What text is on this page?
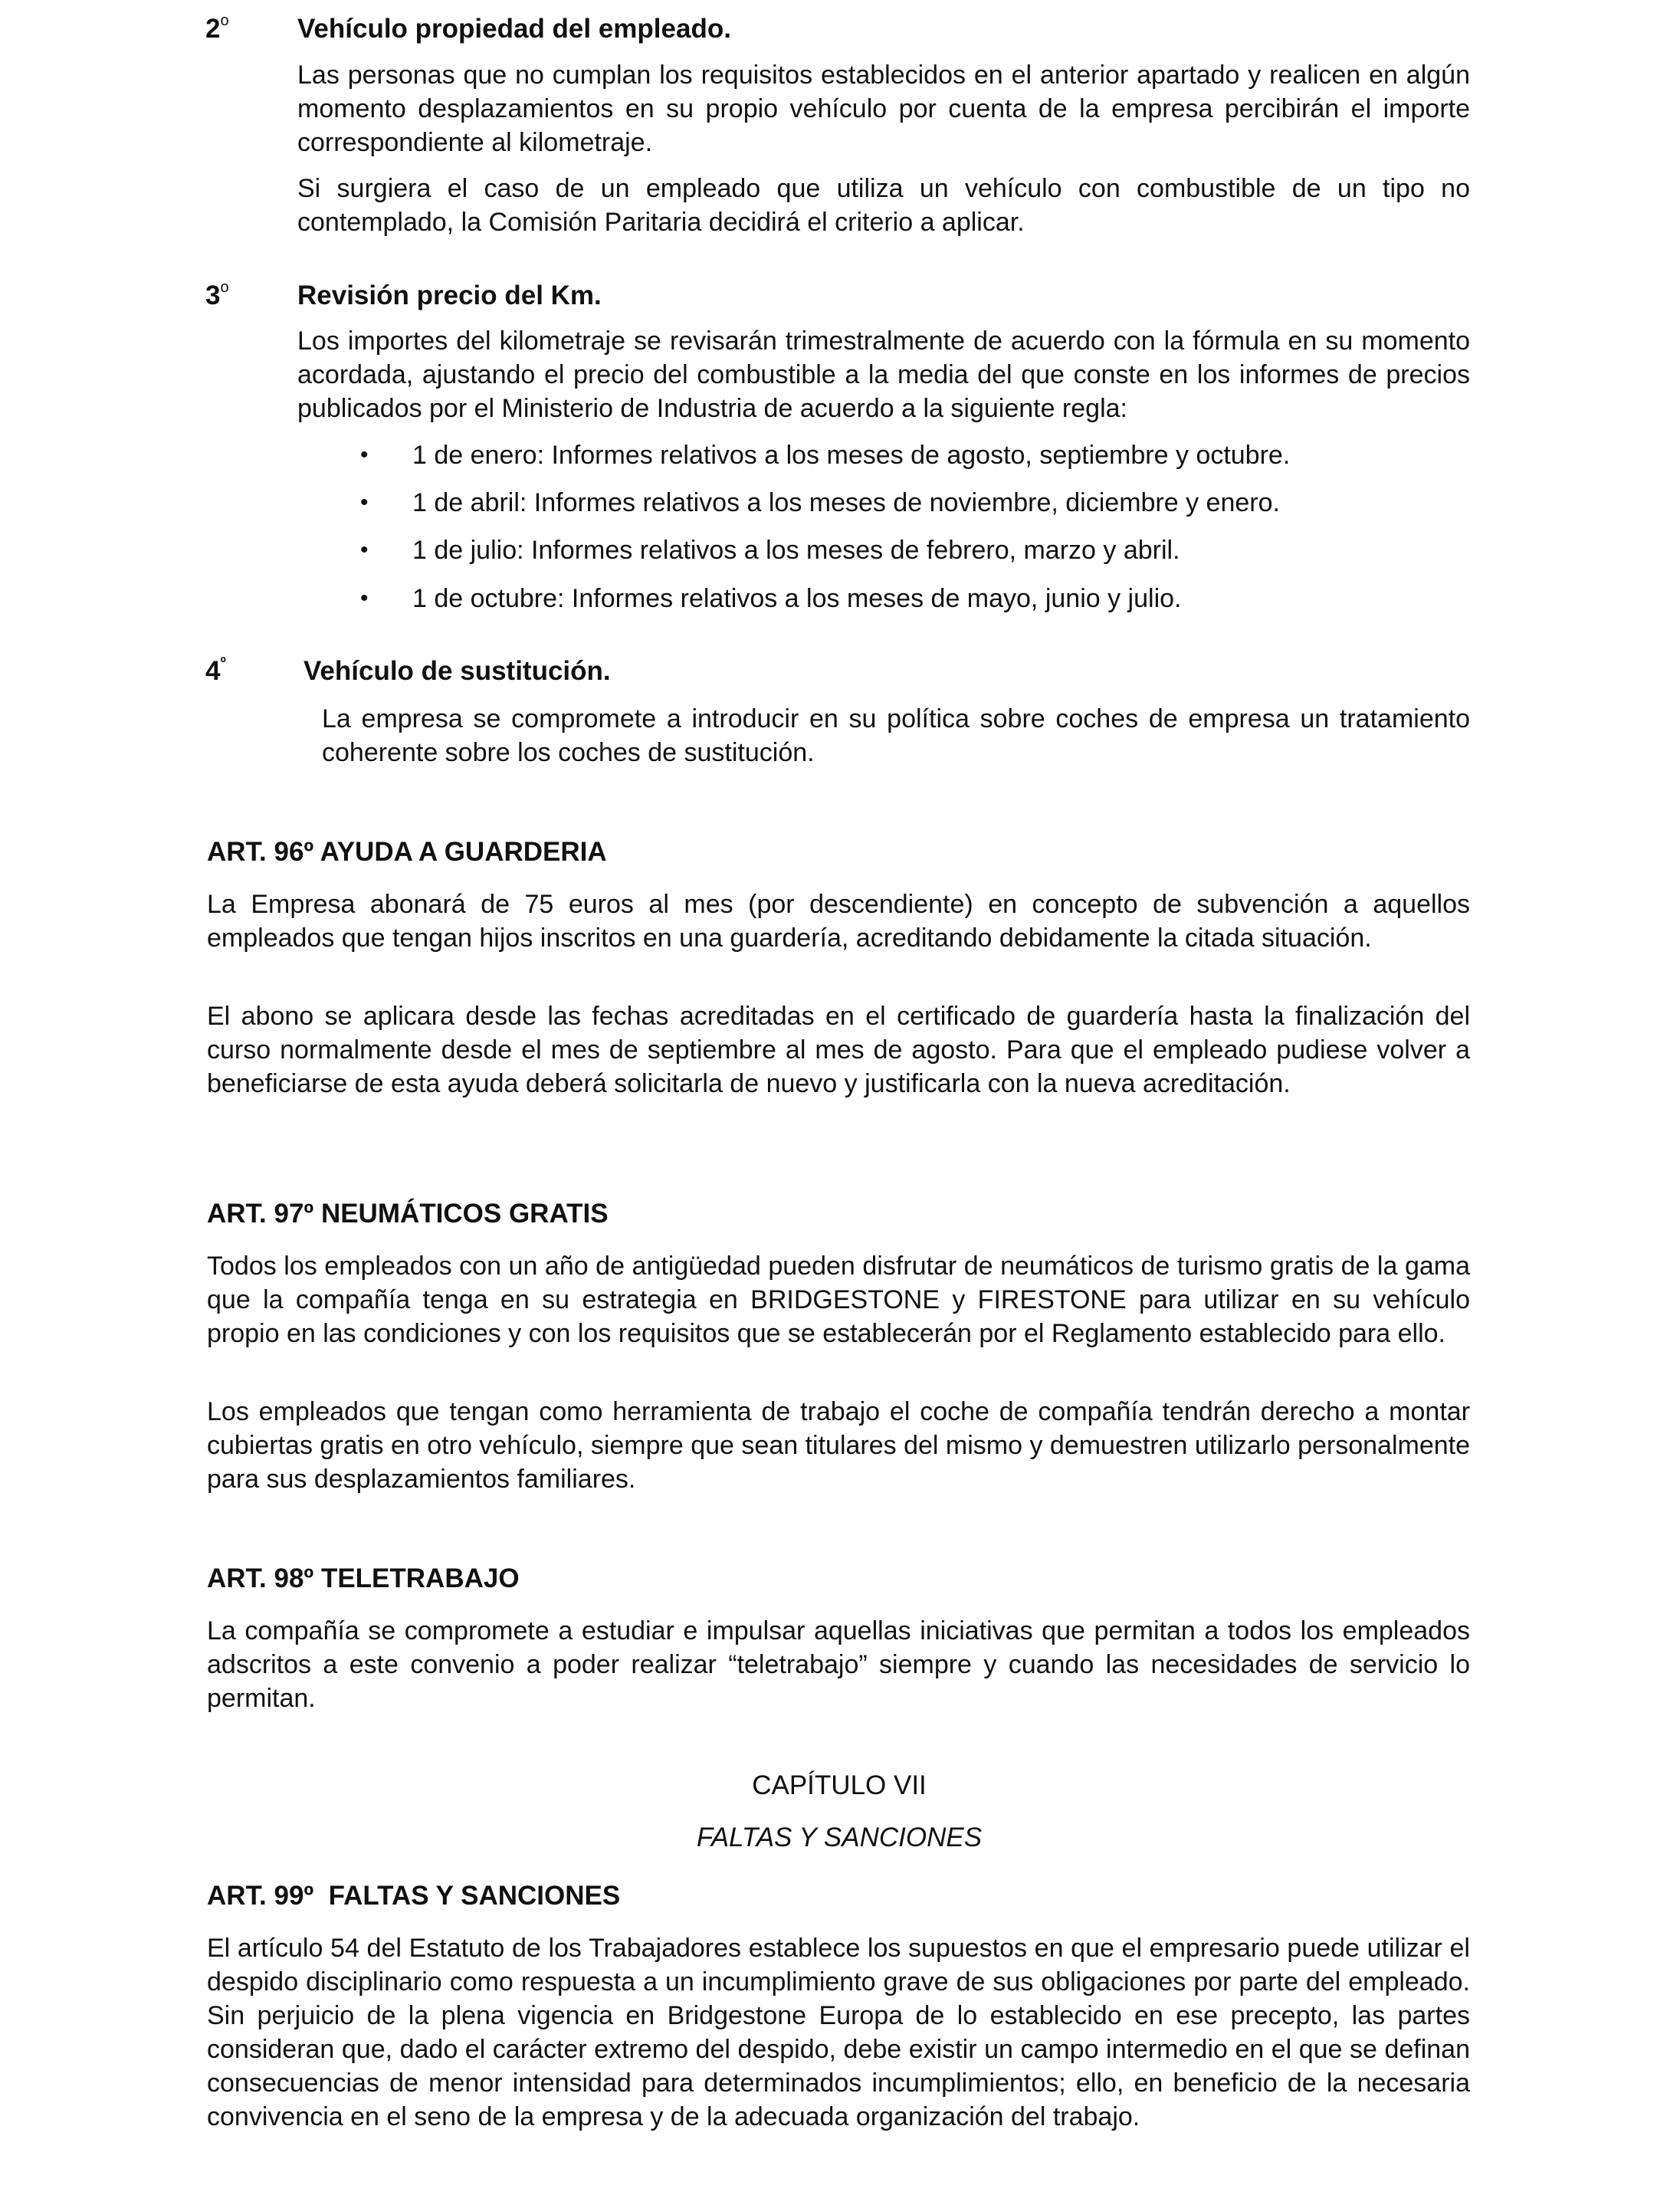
2$^o$	Vehículo propiedad del empleado.

Las personas que no cumplan los requisitos establecidos en el anterior apartado y realicen en algún momento desplazamientos en su propio vehículo por cuenta de la empresa percibirán el importe correspondiente al kilometraje.

Si surgiera el caso de un empleado que utiliza un vehículo con combustible de un tipo no contemplado, la Comisión Paritaria decidirá el criterio a aplicar.

3$^o$	Revisión precio del Km.

Los importes del kilometraje se revisarán trimestralmente de acuerdo con la fórmula en su momento acordada, ajustando el precio del combustible a la media del que conste en los informes de precios publicados por el Ministerio de Industria de acuerdo a la siguiente regla:

•	1 de enero: Informes relativos a los meses de agosto, septiembre y octubre.
•	1 de abril: Informes relativos a los meses de noviembre, diciembre y enero.
•	1 de julio: Informes relativos a los meses de febrero, marzo y abril.
•	1 de octubre: Informes relativos a los meses de mayo, junio y julio.

$4^º$	Vehículo de sustitución.

La empresa se compromete a introducir en su política sobre coches de empresa un tratamiento coherente sobre los coches de sustitución.

ART. 96º AYUDA A GUARDERIA

La Empresa abonará de 75 euros al mes (por descendiente) en concepto de subvención a aquellos empleados que tengan hijos inscritos en una guardería, acreditando debidamente la citada situación.

El abono se aplicara desde las fechas acreditadas en el certificado de guardería hasta la finalización del curso normalmente desde el mes de septiembre al mes de agosto. Para que el empleado pudiese volver a beneficiarse de esta ayuda deberá solicitarla de nuevo y justificarla con la nueva acreditación.

ART. 97º NEUMÁTICOS GRATIS

Todos los empleados con un año de antigüedad pueden disfrutar de neumáticos de turismo gratis de la gama que la compañía tenga en su estrategia en BRIDGESTONE y FIRESTONE para utilizar en su vehículo propio en las condiciones y con los requisitos que se establecerán por el Reglamento establecido para ello.

Los empleados que tengan como herramienta de trabajo el coche de compañía tendrán derecho a montar cubiertas gratis en otro vehículo, siempre que sean titulares del mismo y demuestren utilizarlo personalmente para sus desplazamientos familiares.

ART. 98º TELETRABAJO

La compañía se compromete a estudiar e impulsar aquellas iniciativas que permitan a todos los empleados adscritos a este convenio a poder realizar “teletrabajo” siempre y cuando las necesidades de servicio lo permitan.

CAPÍTULO VII

FALTAS Y SANCIONES

ART. 99º  FALTAS Y SANCIONES

El artículo 54 del Estatuto de los Trabajadores establece los supuestos en que el empresario puede utilizar el despido disciplinario como respuesta a un incumplimiento grave de sus obligaciones por parte del empleado. Sin perjuicio de la plena vigencia en Bridgestone Europa de lo establecido en ese precepto, las partes consideran que, dado el carácter extremo del despido, debe existir un campo intermedio en el que se definan consecuencias de menor intensidad para determinados incumplimientos; ello, en beneficio de la necesaria convivencia en el seno de la empresa y de la adecuada organización del trabajo.
